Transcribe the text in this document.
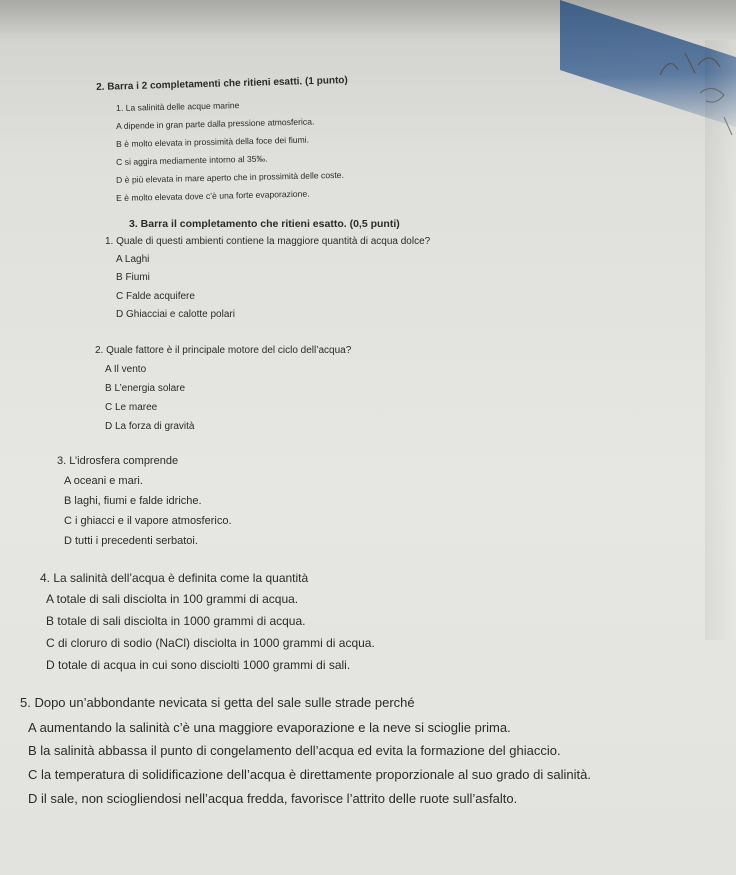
2. Barra i 2 completamenti che ritieni esatti. (1 punto)
1. La salinità delle acque marine
A dipende in gran parte dalla pressione atmosferica.
B è molto elevata in prossimità della foce dei fiumi.
C si aggira mediamente intorno al 35‰.
D è più elevata in mare aperto che in prossimità delle coste.
E è molto elevata dove c’è una forte evaporazione.
3. Barra il completamento che ritieni esatto. (0,5 punti)
1. Quale di questi ambienti contiene la maggiore quantità di acqua dolce?
A Laghi
B Fiumi
C Falde acquifere
D Ghiacciai e calotte polari
2. Quale fattore è il principale motore del ciclo dell’acqua?
A Il vento
B L’energia solare
C Le maree
D La forza di gravità
3. L’idrosfera comprende
A oceani e mari.
B laghi, fiumi e falde idriche.
C i ghiacci e il vapore atmosferico.
D tutti i precedenti serbatoi.
4. La salinità dell’acqua è definita come la quantità
A totale di sali disciolta in 100 grammi di acqua.
B totale di sali disciolta in 1000 grammi di acqua.
C di cloruro di sodio (NaCl) disciolta in 1000 grammi di acqua.
D totale di acqua in cui sono disciolti 1000 grammi di sali.
5. Dopo un’abbondante nevicata si getta del sale sulle strade perché
A aumentando la salinità c’è una maggiore evaporazione e la neve si scioglie prima.
B la salinità abbassa il punto di congelamento dell’acqua ed evita la formazione del ghiaccio.
C la temperatura di solidificazione dell’acqua è direttamente proporzionale al suo grado di salinità.
D il sale, non sciogliendosi nell’acqua fredda, favorisce l’attrito delle ruote sull’asfalto.
